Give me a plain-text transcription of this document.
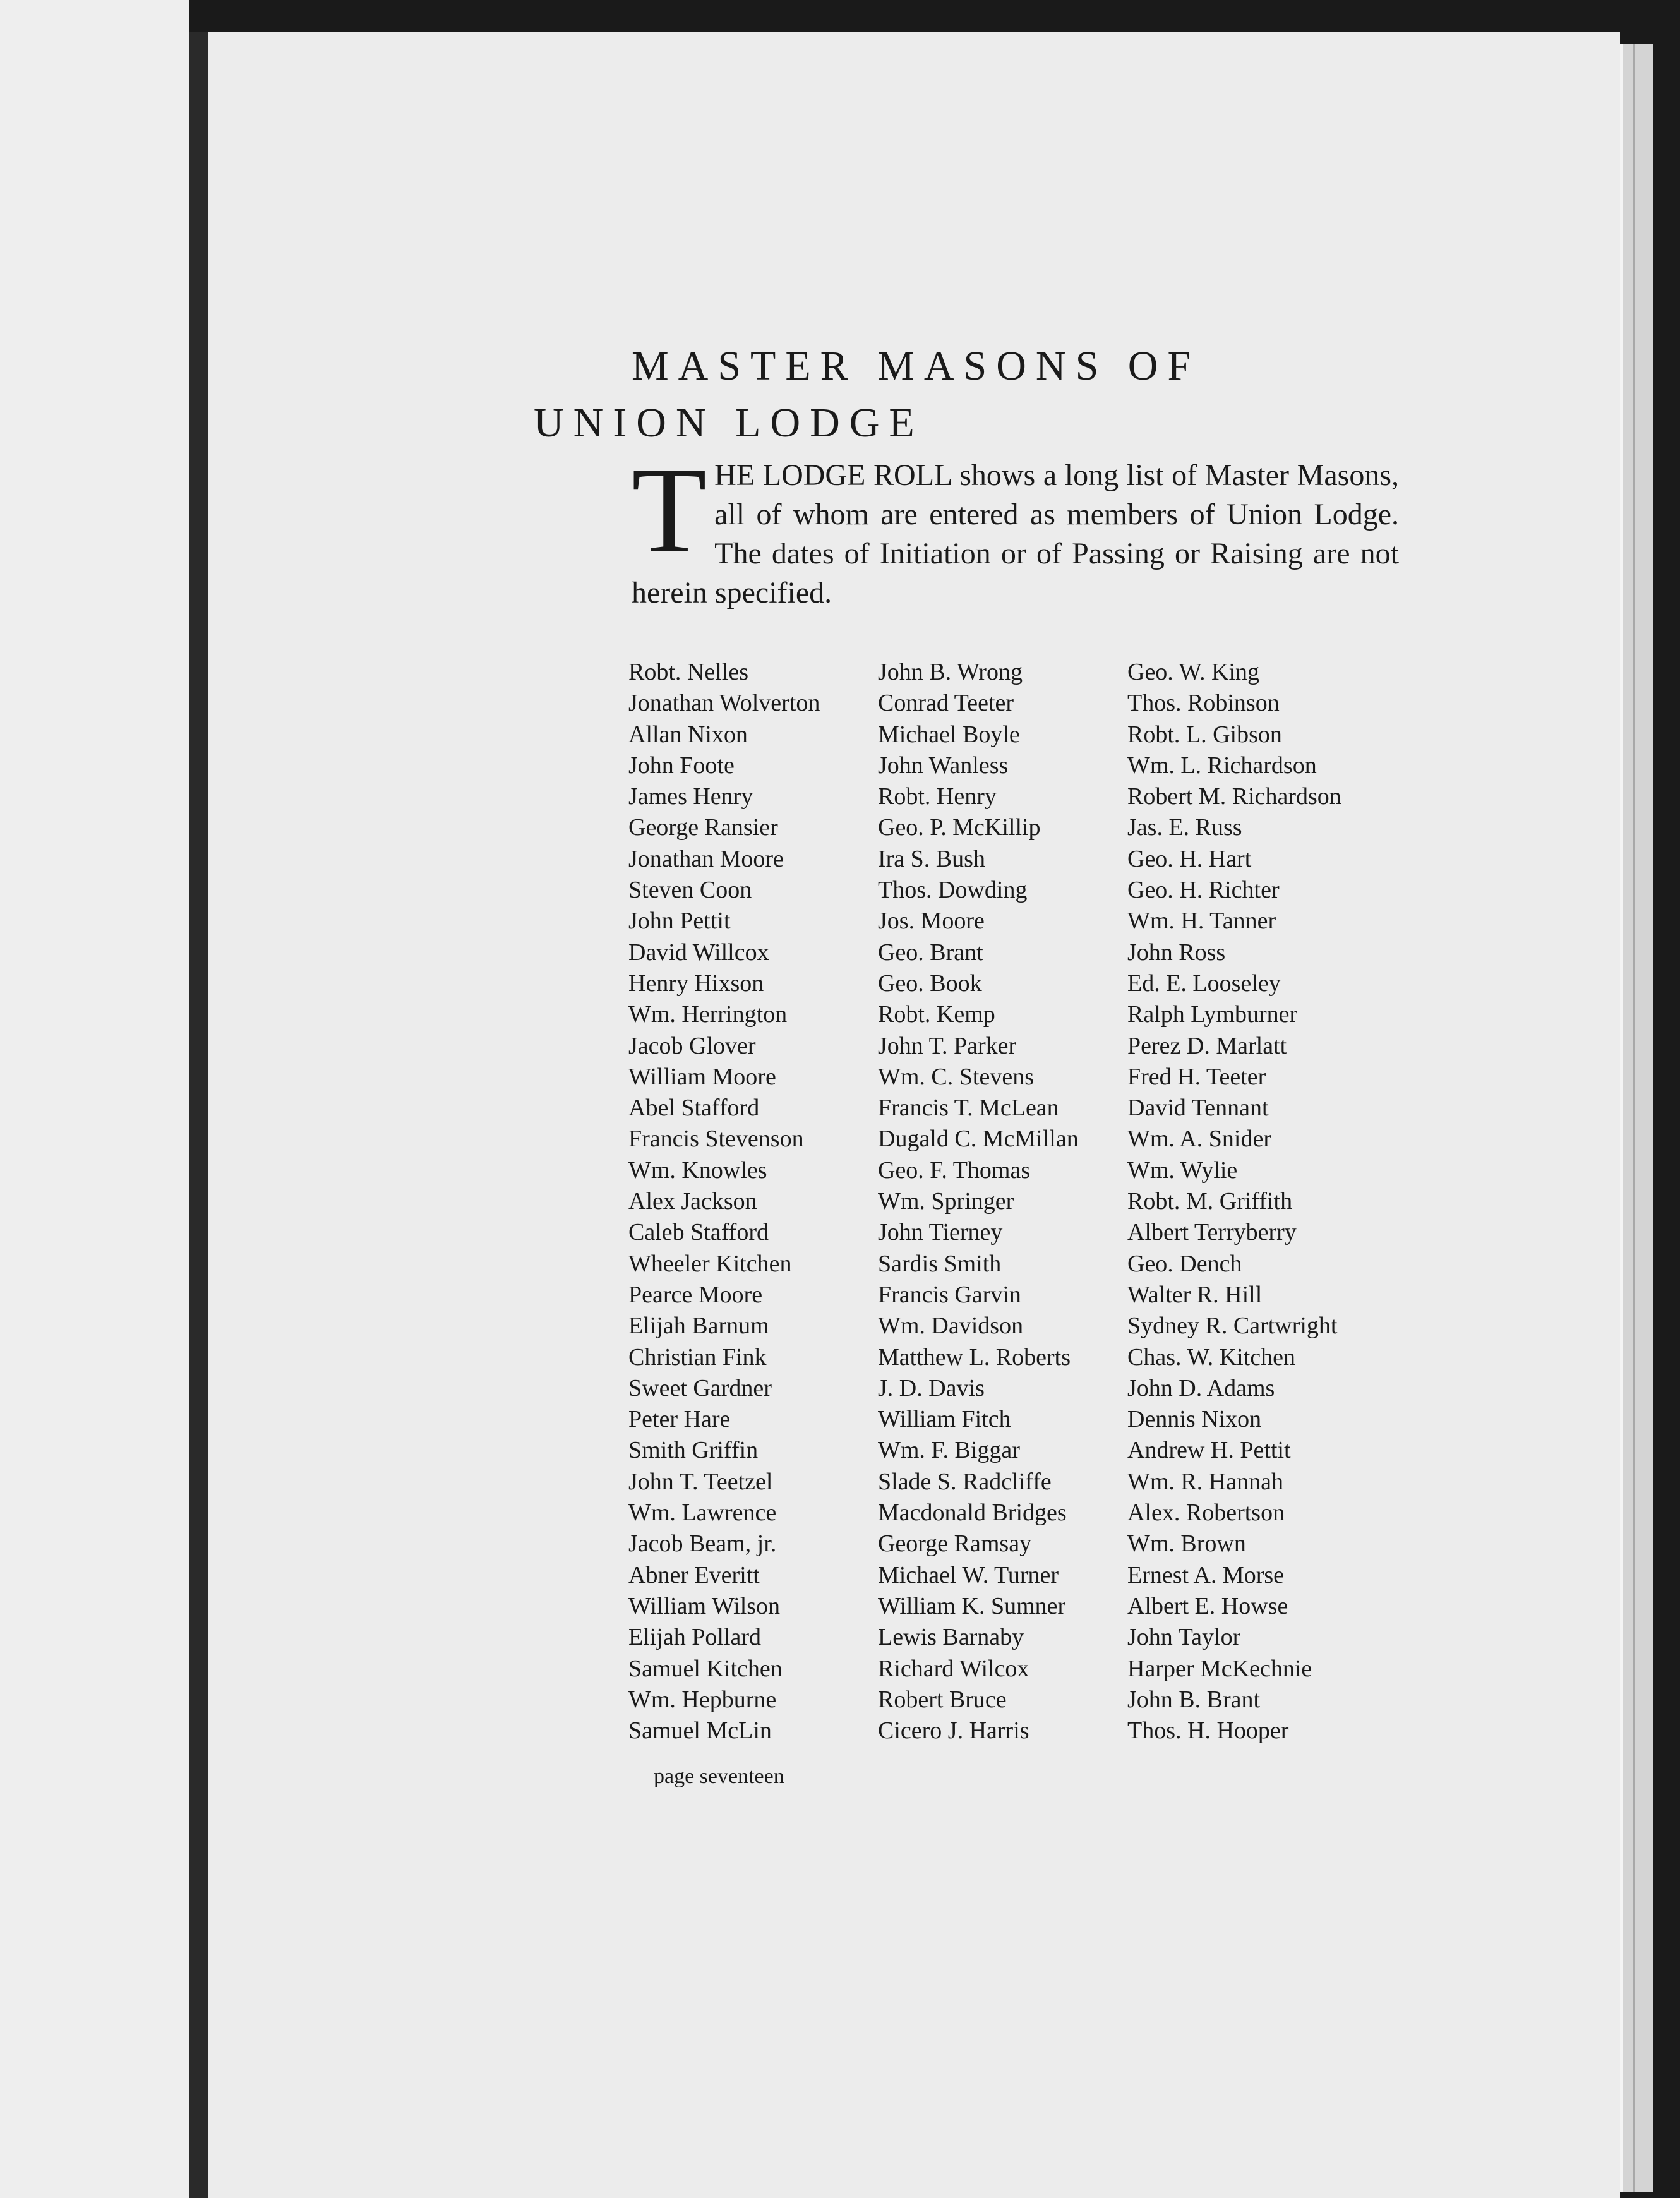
MASTER MASONS OF
UNION LODGE
THE LODGE ROLL shows a long list of Master Masons, all of whom are entered as members of Union Lodge. The dates of Initiation or of Passing or Raising are not herein specified.
Robt. Nelles
Jonathan Wolverton
Allan Nixon
John Foote
James Henry
George Ransier
Jonathan Moore
Steven Coon
John Pettit
David Willcox
Henry Hixson
Wm. Herrington
Jacob Glover
William Moore
Abel Stafford
Francis Stevenson
Wm. Knowles
Alex Jackson
Caleb Stafford
Wheeler Kitchen
Pearce Moore
Elijah Barnum
Christian Fink
Sweet Gardner
Peter Hare
Smith Griffin
John T. Teetzel
Wm. Lawrence
Jacob Beam, jr.
Abner Everitt
William Wilson
Elijah Pollard
Samuel Kitchen
Wm. Hepburne
Samuel McLin
John B. Wrong
Conrad Teeter
Michael Boyle
John Wanless
Robt. Henry
Geo. P. McKillip
Ira S. Bush
Thos. Dowding
Jos. Moore
Geo. Brant
Geo. Book
Robt. Kemp
John T. Parker
Wm. C. Stevens
Francis T. McLean
Dugald C. McMillan
Geo. F. Thomas
Wm. Springer
John Tierney
Sardis Smith
Francis Garvin
Wm. Davidson
Matthew L. Roberts
J. D. Davis
William Fitch
Wm. F. Biggar
Slade S. Radcliffe
Macdonald Bridges
George Ramsay
Michael W. Turner
William K. Sumner
Lewis Barnaby
Richard Wilcox
Robert Bruce
Cicero J. Harris
Geo. W. King
Thos. Robinson
Robt. L. Gibson
Wm. L. Richardson
Robert M. Richardson
Jas. E. Russ
Geo. H. Hart
Geo. H. Richter
Wm. H. Tanner
John Ross
Ed. E. Looseley
Ralph Lymburner
Perez D. Marlatt
Fred H. Teeter
David Tennant
Wm. A. Snider
Wm. Wylie
Robt. M. Griffith
Albert Terryberry
Geo. Dench
Walter R. Hill
Sydney R. Cartwright
Chas. W. Kitchen
John D. Adams
Dennis Nixon
Andrew H. Pettit
Wm. R. Hannah
Alex. Robertson
Wm. Brown
Ernest A. Morse
Albert E. Howse
John Taylor
Harper McKechnie
John B. Brant
Thos. H. Hooper
page seventeen
